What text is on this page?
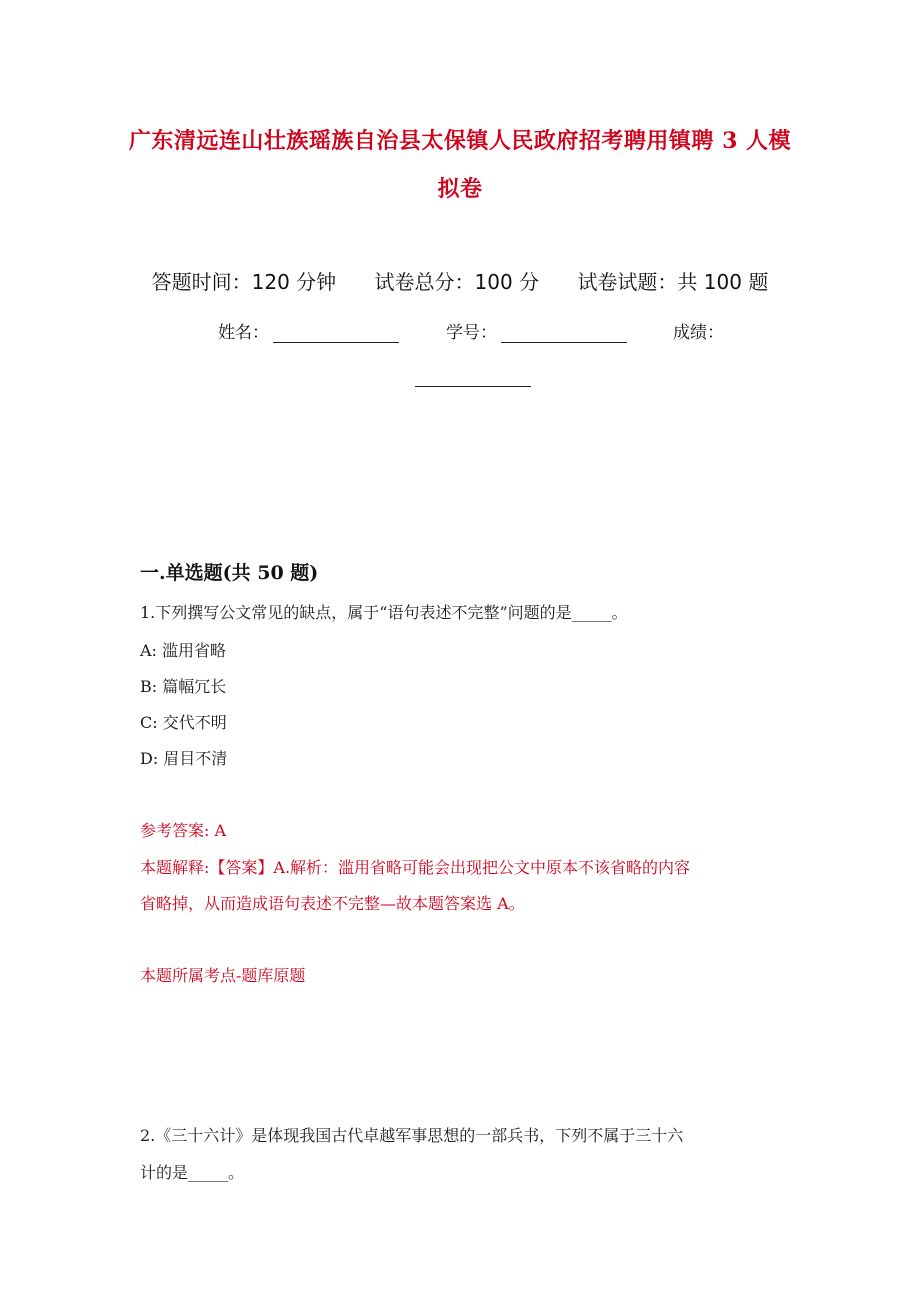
广东清远连山壮族瑶族自治县太保镇人民政府招考聘用镇聘 3 人模
拟卷
答题时间：120 分钟 试卷总分：100 分 试卷试题：共 100 题
姓名：	学号：	成绩：
一.单选题(共 50 题)
1.下列撰写公文常见的缺点，属于“语句表述不完整”问题的是_____。
A: 滥用省略
B: 篇幅冗长
C: 交代不明
D: 眉目不清
参考答案: A
本题解释:【答案】A.解析：滥用省略可能会出现把公文中原本不该省略的内容
省略掉，从而造成语句表述不完整—故本题答案选 A。
本题所属考点-题库原题
2.《三十六计》是体现我国古代卓越军事思想的一部兵书，下列不属于三十六
计的是_____。
